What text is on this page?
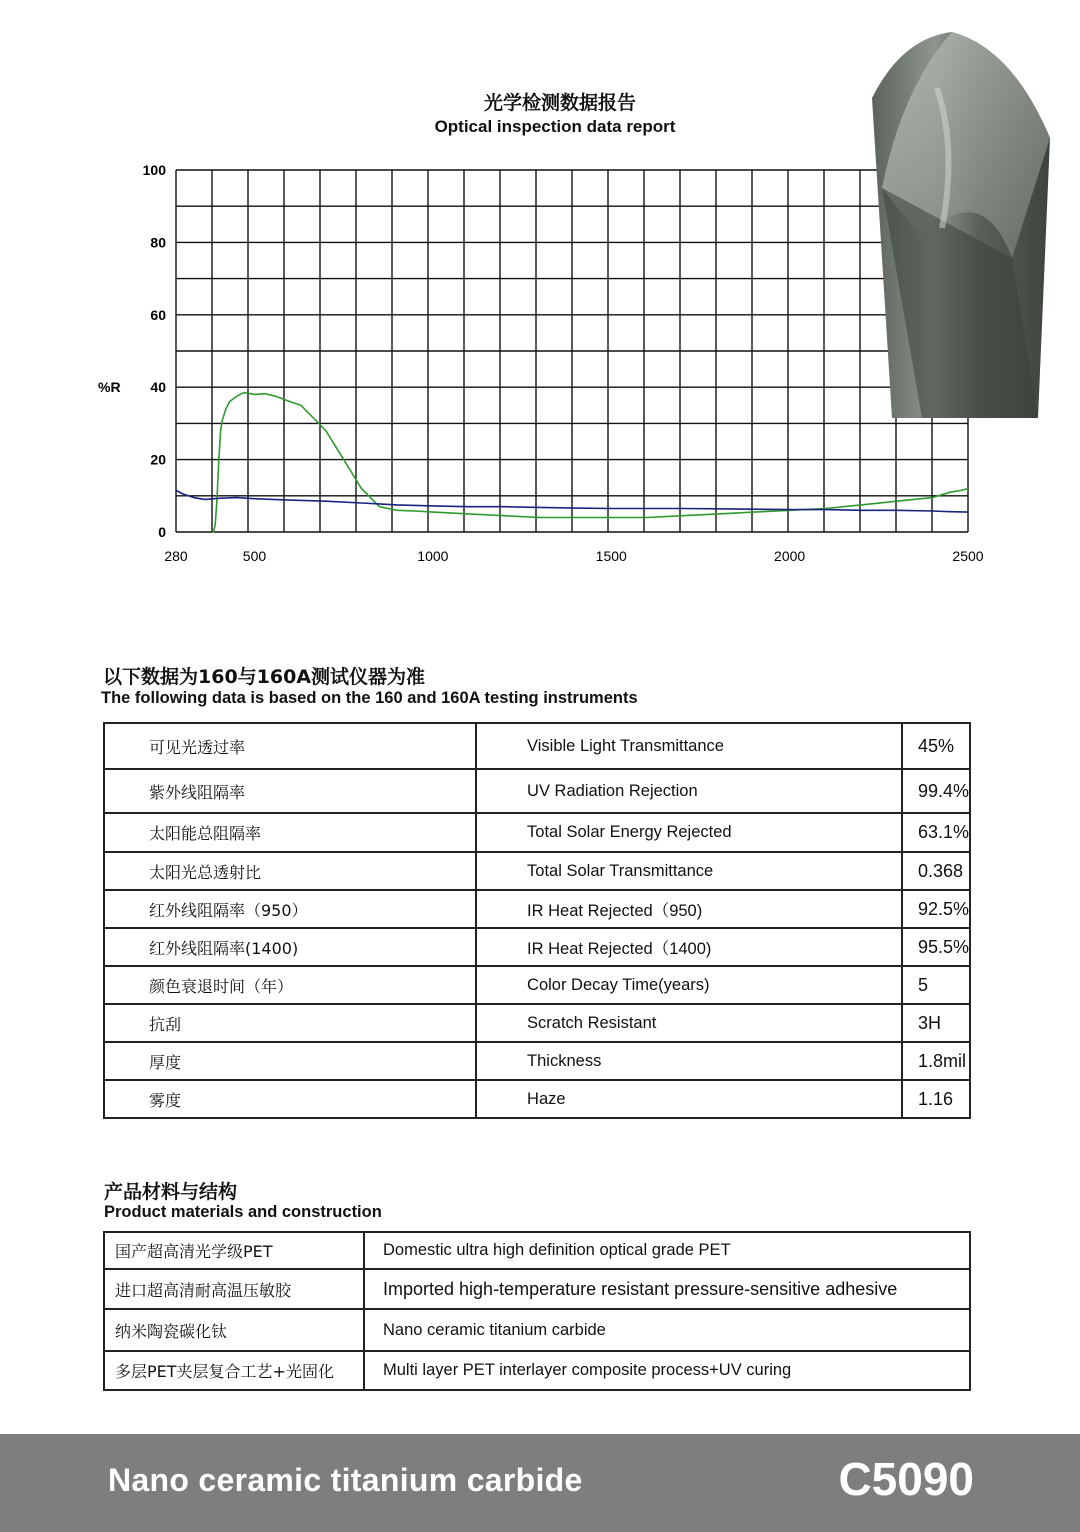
光学检测数据报告
Optical inspection data report
100
80
60
40
20
0
280	500	1000	1500	2000	2500
%R
以下数据为160与160A测试仪器为准
The following data is based on the 160 and 160A testing instruments
可见光透过率	Visible Light Transmittance	45%
紫外线阻隔率	UV Radiation Rejection	99.4%
太阳能总阻隔率	Total Solar Energy Rejected	63.1%
太阳光总透射比	Total Solar Transmittance	0.368
红外线阻隔率（950）	IR Heat Rejected（950)	92.5%
红外线阻隔率(1400)	IR Heat Rejected（1400)	95.5%
颜色衰退时间（年）	Color Decay Time(years)	5
抗刮	Scratch Resistant	3H
厚度	Thickness	1.8mil
雾度	Haze	1.16
产品材料与结构
Product materials and construction
国产超高清光学级PET	Domestic ultra high definition optical grade PET
进口超高清耐高温压敏胶	Imported high-temperature resistant pressure-sensitive adhesive
纳米陶瓷碳化钛	Nano ceramic titanium carbide
多层PET夹层复合工艺+光固化	Multi layer PET interlayer composite process+UV curing
Nano ceramic titanium carbide	C5090
